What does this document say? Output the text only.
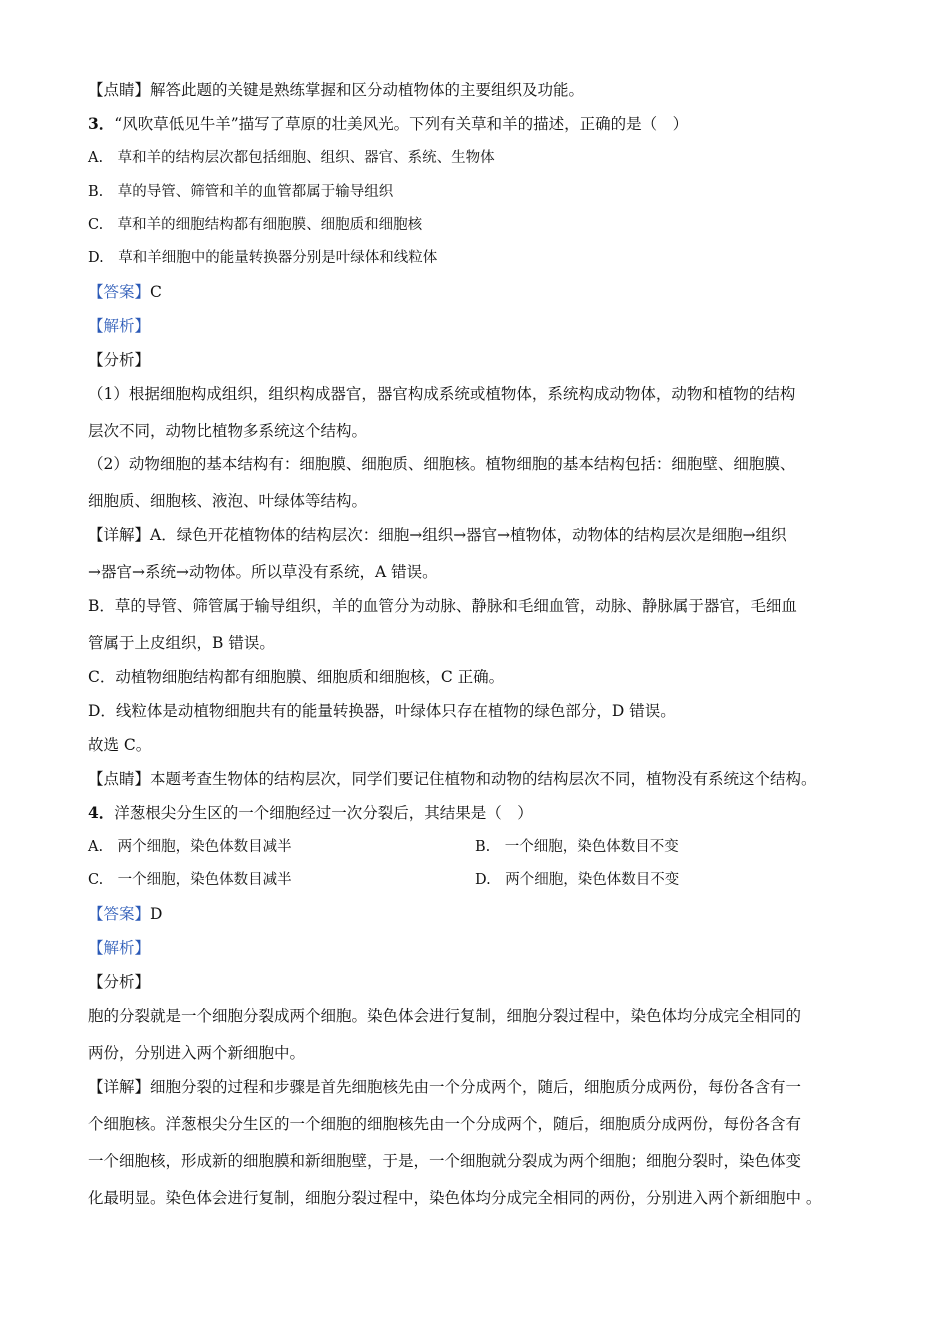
【点睛】解答此题的关键是熟练掌握和区分动植物体的主要组织及功能。
3．“风吹草低见牛羊”描写了草原的壮美风光。下列有关草和羊的描述，正确的是（　）
A.　草和羊的结构层次都包括细胞、组织、器官、系统、生物体
B.　草的导管、筛管和羊的血管都属于输导组织
C.　草和羊的细胞结构都有细胞膜、细胞质和细胞核
D.　草和羊细胞中的能量转换器分别是叶绿体和线粒体
【答案】C
【解析】
【分析】
（1）根据细胞构成组织，组织构成器官，器官构成系统或植物体，系统构成动物体，动物和植物的结构
层次不同，动物比植物多系统这个结构。
（2）动物细胞的基本结构有：细胞膜、细胞质、细胞核。植物细胞的基本结构包括：细胞壁、细胞膜、
细胞质、细胞核、液泡、叶绿体等结构。
【详解】A．绿色开花植物体的结构层次：细胞→组织→器官→植物体，动物体的结构层次是细胞→组织
→器官→系统→动物体。所以草没有系统，A 错误。
B．草的导管、筛管属于输导组织，羊的血管分为动脉、静脉和毛细血管，动脉、静脉属于器官，毛细血
管属于上皮组织，B 错误。
C．动植物细胞结构都有细胞膜、细胞质和细胞核，C 正确。
D．线粒体是动植物细胞共有的能量转换器，叶绿体只存在植物的绿色部分，D 错误。
故选 C。
【点睛】本题考查生物体的结构层次，同学们要记住植物和动物的结构层次不同，植物没有系统这个结构。
4．洋葱根尖分生区的一个细胞经过一次分裂后，其结果是（　）
A.　两个细胞，染色体数目减半	B.　一个细胞，染色体数目不变
C.　一个细胞，染色体数目减半	D.　两个细胞，染色体数目不变
【答案】D
【解析】
【分析】
胞的分裂就是一个细胞分裂成两个细胞。染色体会进行复制，细胞分裂过程中，染色体均分成完全相同的
两份，分别进入两个新细胞中。
【详解】细胞分裂的过程和步骤是首先细胞核先由一个分成两个，随后，细胞质分成两份，每份各含有一
个细胞核。洋葱根尖分生区的一个细胞的细胞核先由一个分成两个，随后，细胞质分成两份，每份各含有
一个细胞核，形成新的细胞膜和新细胞壁，于是，一个细胞就分裂成为两个细胞；细胞分裂时，染色体变
化最明显。染色体会进行复制，细胞分裂过程中，染色体均分成完全相同的两份，分别进入两个新细胞中 。
